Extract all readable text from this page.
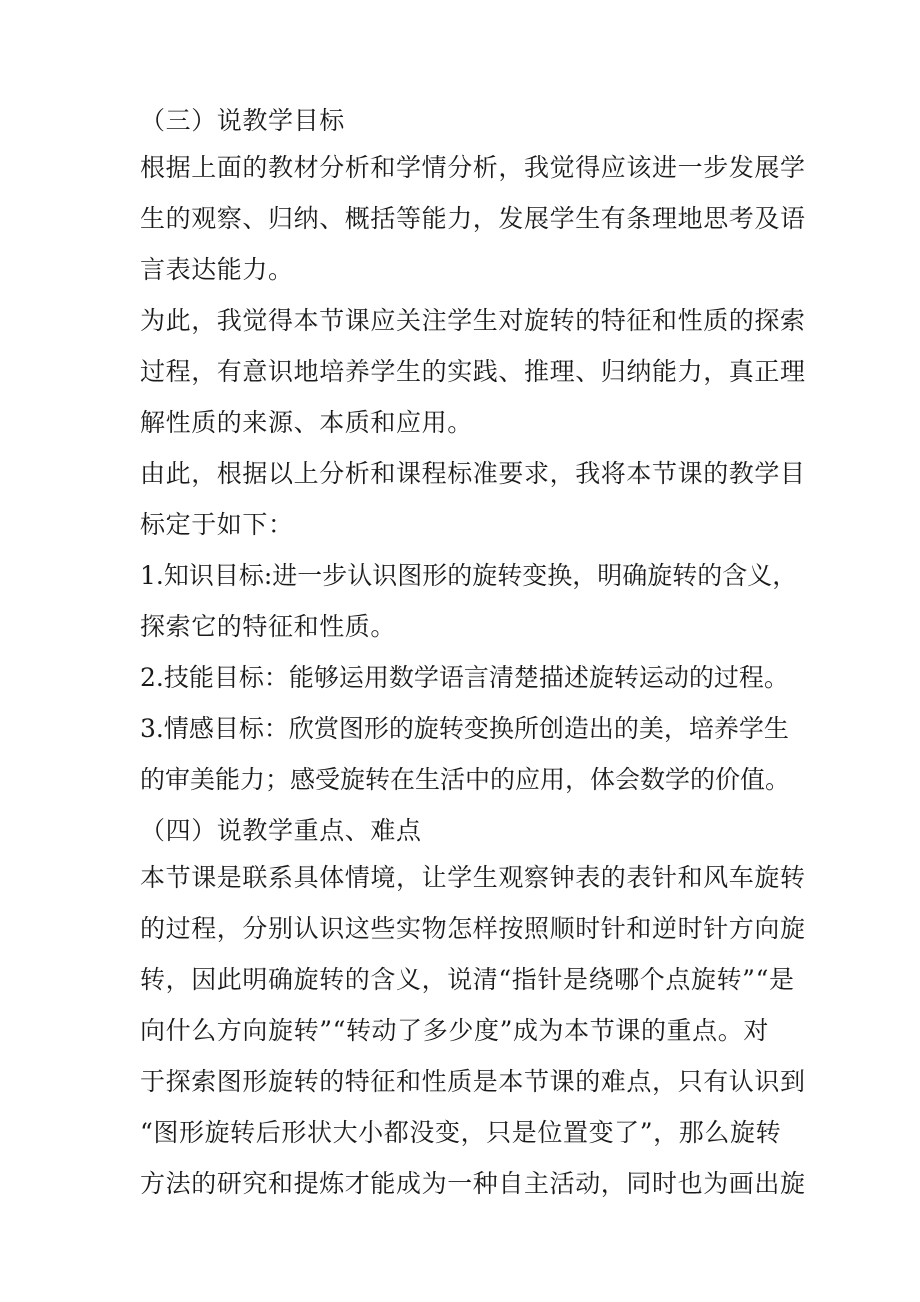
（三）说教学目标
根据上面的教材分析和学情分析，我觉得应该进一步发展学
生的观察、归纳、概括等能力，发展学生有条理地思考及语
言表达能力。
为此，我觉得本节课应关注学生对旋转的特征和性质的探索
过程，有意识地培养学生的实践、推理、归纳能力，真正理
解性质的来源、本质和应用。
由此，根据以上分析和课程标准要求，我将本节课的教学目
标定于如下：
1.知识目标:进一步认识图形的旋转变换，明确旋转的含义，
探索它的特征和性质。
2.技能目标：能够运用数学语言清楚描述旋转运动的过程。
3.情感目标：欣赏图形的旋转变换所创造出的美，培养学生
的审美能力；感受旋转在生活中的应用，体会数学的价值。
（四）说教学重点、难点
本节课是联系具体情境，让学生观察钟表的表针和风车旋转
的过程，分别认识这些实物怎样按照顺时针和逆时针方向旋
转，因此明确旋转的含义，说清“指针是绕哪个点旋转”“是
向什么方向旋转”“转动了多少度”成为本节课的重点。对
于探索图形旋转的特征和性质是本节课的难点，只有认识到
“图形旋转后形状大小都没变，只是位置变了”，那么旋转
方法的研究和提炼才能成为一种自主活动，同时也为画出旋
